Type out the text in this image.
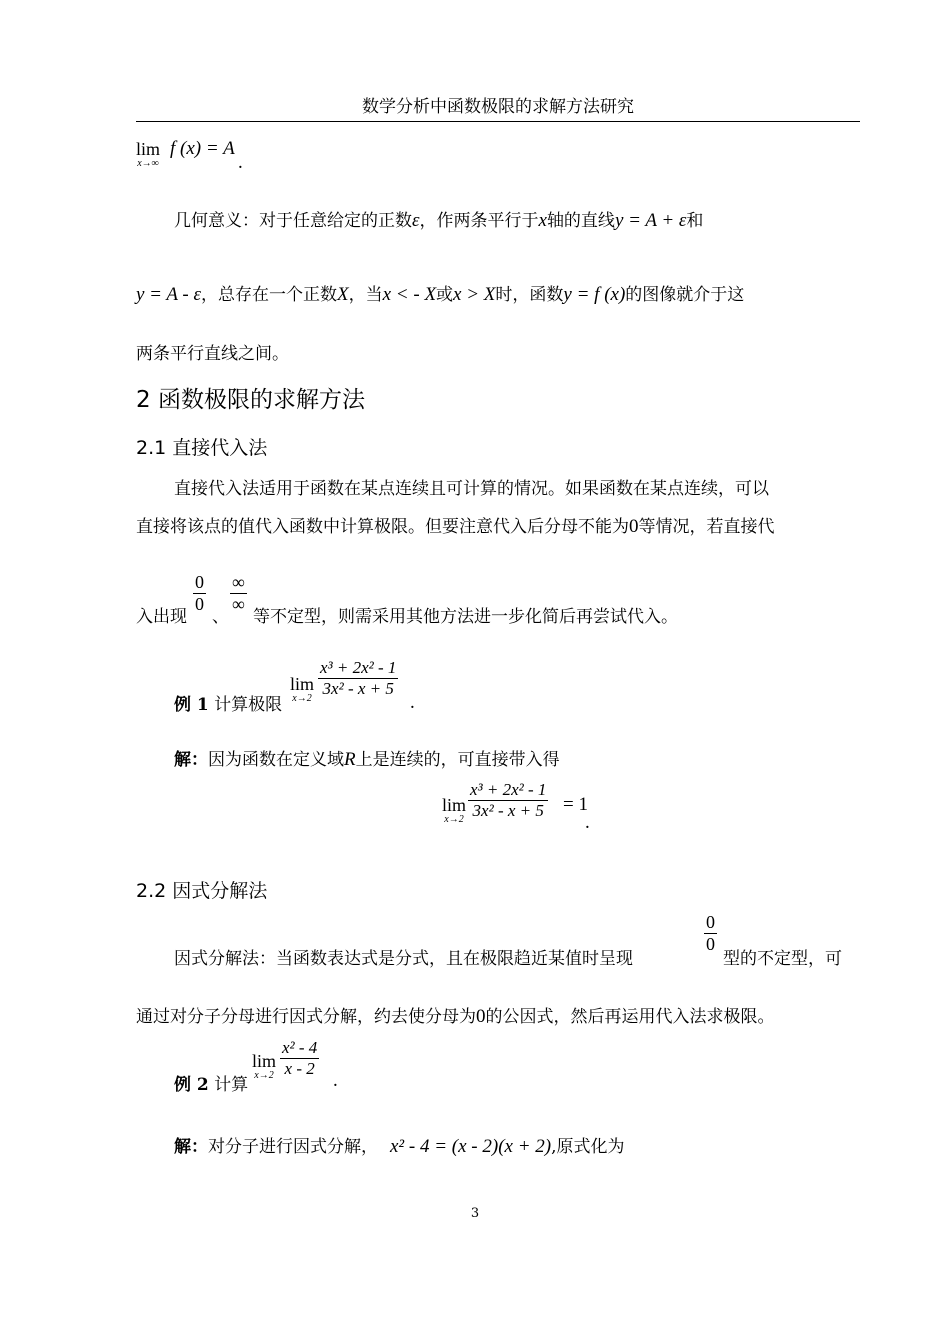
数学分析中函数极限的求解方法研究
lim
x→∞
f (x) = A
.
几何意义：对于任意给定的正数ε，作两条平行于x轴的直线y = A + ε和
y = A - ε，总存在一个正数X，当x < - X或x > X时，函数y = f (x)的图像就介于这
两条平行直线之间。
2 函数极限的求解方法
2.1 直接代入法
直接代入法适用于函数在某点连续且可计算的情况。如果函数在某点连续，可以
直接将该点的值代入函数中计算极限。但要注意代入后分母不能为0等情况，若直接代
入出现
0
0
、
∞
∞
等不定型，则需采用其他方法进一步化简后再尝试代入。
例 1 计算极限
lim
x→2
x³ + 2x² - 1
3x² - x + 5
.
解：因为函数在定义域R上是连续的，可直接带入得
lim
x→2
x³ + 2x² - 1
3x² - x + 5 = 1
.
2.2 因式分解法
因式分解法：当函数表达式是分式，且在极限趋近某值时呈现
0
0
型的不定型，可
通过对分子分母进行因式分解，约去使分母为0的公因式，然后再运用代入法求极限。
例 2 计算
lim
x→2
x² - 4
x - 2
.
解：对分子进行因式分解， x² - 4 = (x - 2)(x + 2),原式化为
3
